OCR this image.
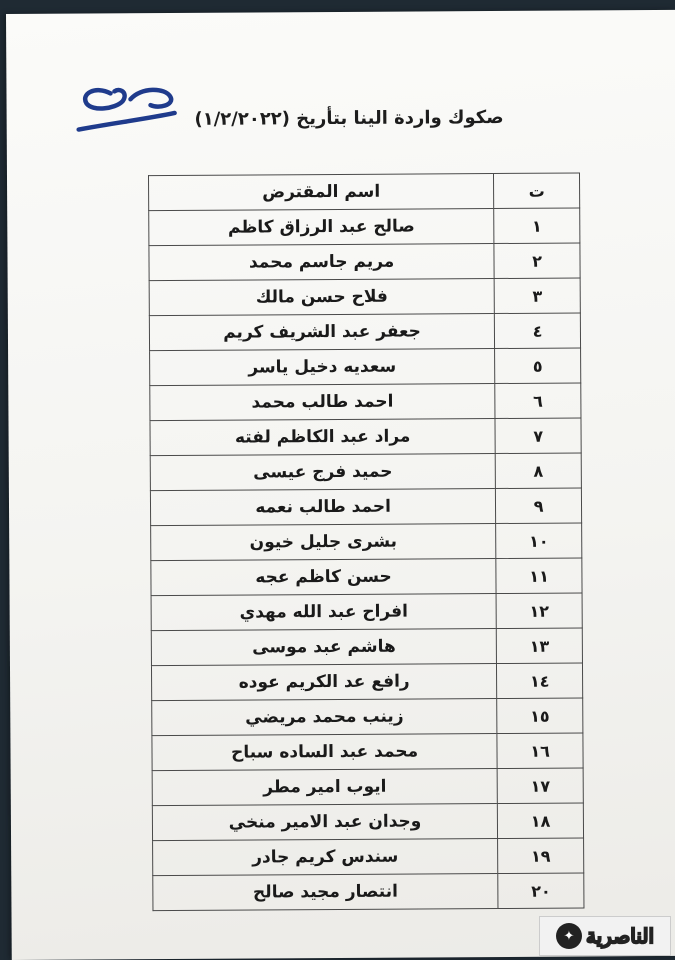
صكوك واردة الينا بتأريخ (١/٢/٢٠٢٢)
ت	اسم المقترض
١	صالح عبد الرزاق كاظم
٢	مريم جاسم محمد
٣	فلاح حسن مالك
٤	جعفر عبد الشريف كريم
٥	سعديه دخيل ياسر
٦	احمد طالب محمد
٧	مراد عبد الكاظم لفته
٨	حميد فرج عيسى
٩	احمد طالب نعمه
١٠	بشرى جليل خيون
١١	حسن كاظم عجه
١٢	افراح عبد الله مهدي
١٣	هاشم عبد موسى
١٤	رافع عد الكريم عوده
١٥	زينب محمد مريضي
١٦	محمد عبد الساده سباح
١٧	ايوب امير مطر
١٨	وجدان عبد الامير منخي
١٩	سندس كريم جادر
٢٠	انتصار مجيد صالح
الناصرية
✦
